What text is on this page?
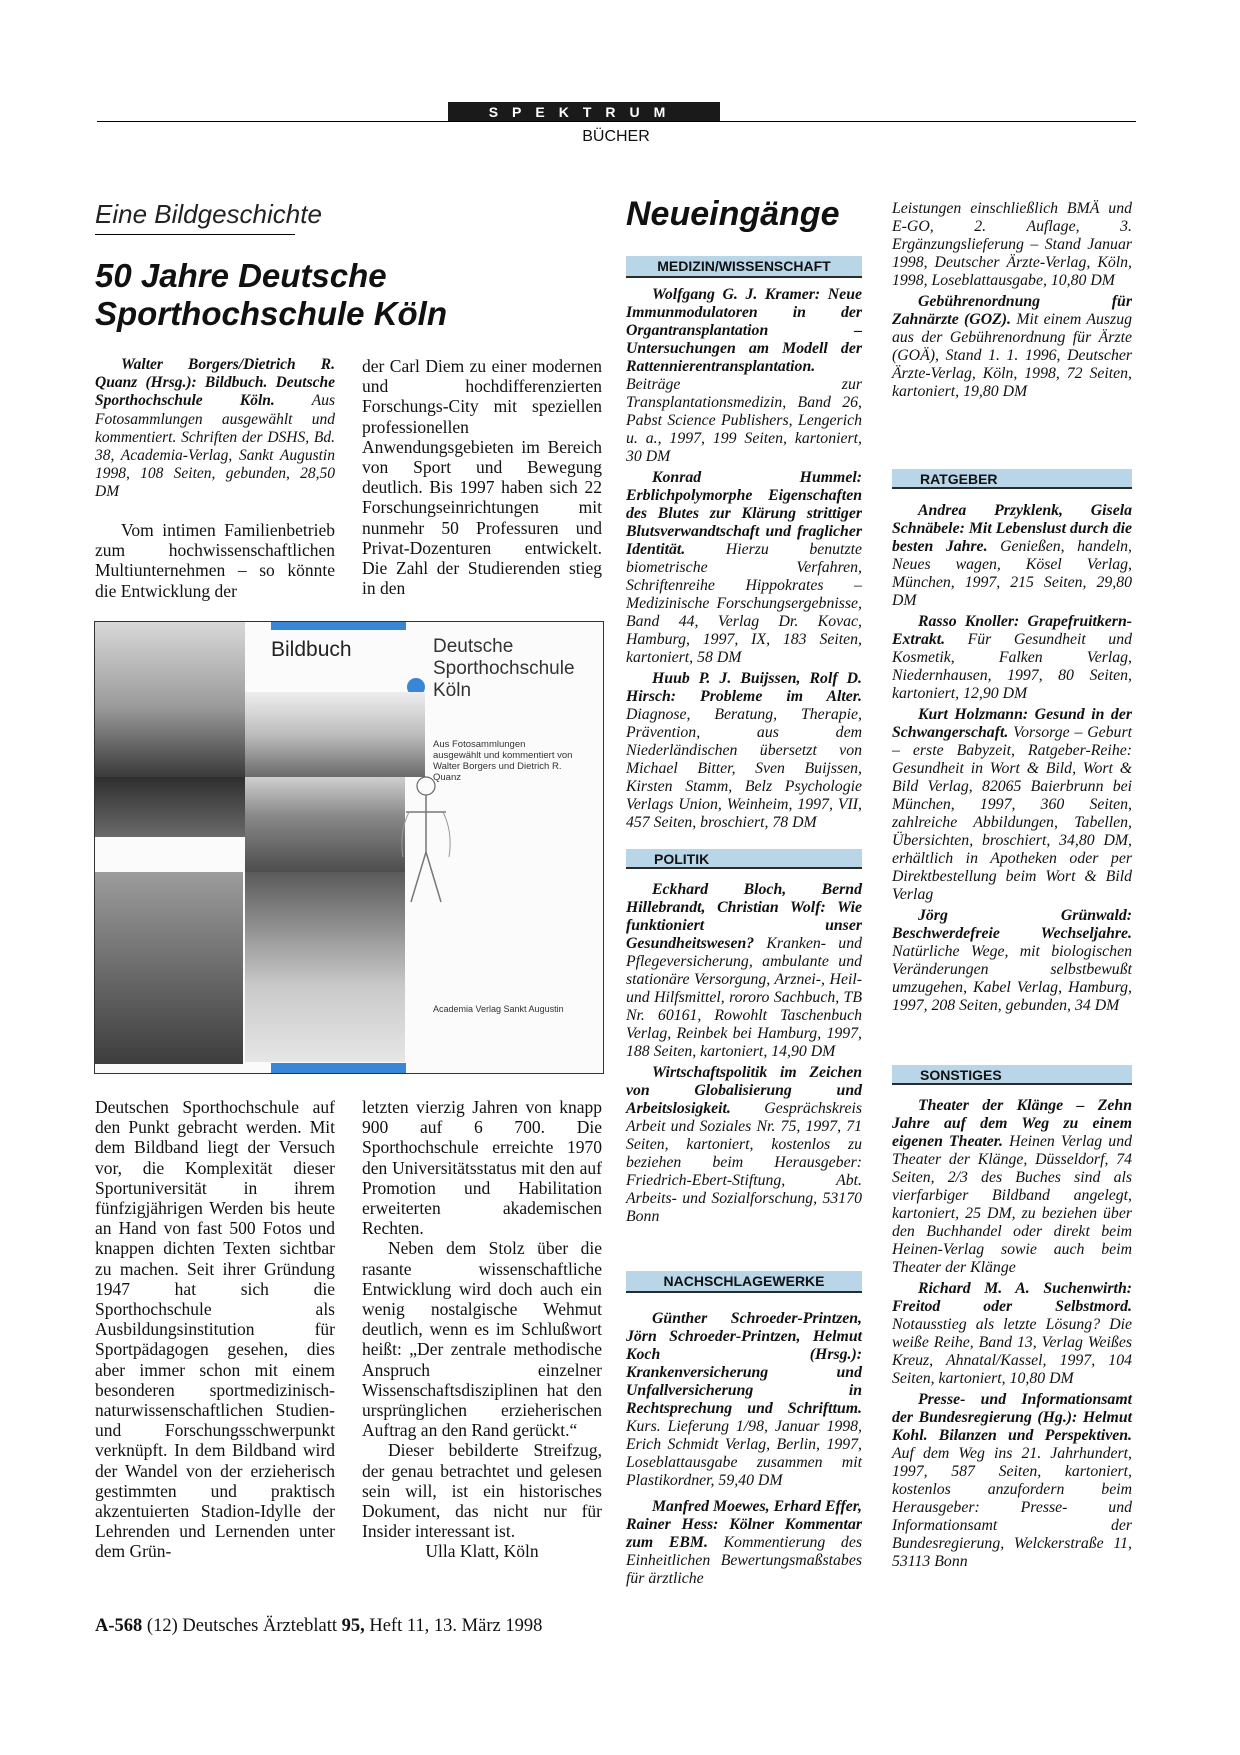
SPEKTRUM
BÜCHER
Eine Bildgeschichte
50 Jahre Deutsche
Sporthochschule Köln

Walter Borgers/Dietrich R. Quanz (Hrsg.): Bildbuch. Deutsche Sporthochschule Köln. Aus Fotosammlungen ausgewählt und kommentiert. Schriften der DSHS, Bd. 38, Academia-Verlag, Sankt Augustin 1998, 108 Seiten, gebunden, 28,50 DM

Vom intimen Familienbetrieb zum hochwissenschaftlichen Multiunternehmen – so könnte die Entwicklung der

der Carl Diem zu einer modernen und hochdifferenzierten Forschungs-City mit speziellen professionellen Anwendungsgebieten im Bereich von Sport und Bewegung deutlich. Bis 1997 haben sich 22 Forschungseinrichtungen mit nunmehr 50 Professuren und Privat-Dozenturen entwickelt. Die Zahl der Studierenden stieg in den

Bildbuch	Deutsche Sporthochschule Köln
Aus Fotosammlungen ausgewählt und kommentiert von Walter Borgers und Dietrich R. Quanz
Academia Verlag Sankt Augustin

Deutschen Sporthochschule auf den Punkt gebracht werden. Mit dem Bildband liegt der Versuch vor, die Komplexität dieser Sportuniversität in ihrem fünfzigjährigen Werden bis heute an Hand von fast 500 Fotos und knappen dichten Texten sichtbar zu machen. Seit ihrer Gründung 1947 hat sich die Sporthochschule als Ausbildungsinstitution für Sportpädagogen gesehen, dies aber immer schon mit einem besonderen sportmedizinisch-naturwissenschaftlichen Studien- und Forschungsschwerpunkt verknüpft. In dem Bildband wird der Wandel von der erzieherisch gestimmten und praktisch akzentuierten Stadion-Idylle der Lehrenden und Lernenden unter dem Grün-

letzten vierzig Jahren von knapp 900 auf 6 700. Die Sporthochschule erreichte 1970 den Universitätsstatus mit den auf Promotion und Habilitation erweiterten akademischen Rechten.

Neben dem Stolz über die rasante wissenschaftliche Entwicklung wird doch auch ein wenig nostalgische Wehmut deutlich, wenn es im Schlußwort heißt: „Der zentrale methodische Anspruch einzelner Wissenschaftsdisziplinen hat den ursprünglichen erzieherischen Auftrag an den Rand gerückt.“

Dieser bebilderte Streifzug, der genau betrachtet und gelesen sein will, ist ein historisches Dokument, das nicht nur für Insider interessant ist.

Ulla Klatt, Köln

Neueingänge
MEDIZIN/WISSENSCHAFT

Wolfgang G. J. Kramer: Neue Immunmodulatoren in der Organtransplantation – Untersuchungen am Modell der Rattennierentransplantation. Beiträge zur Transplantationsmedizin, Band 26, Pabst Science Publishers, Lengerich u. a., 1997, 199 Seiten, kartoniert, 30 DM

Konrad Hummel: Erblichpolymorphe Eigenschaften des Blutes zur Klärung strittiger Blutsverwandtschaft und fraglicher Identität. Hierzu benutzte biometrische Verfahren, Schriftenreihe Hippokrates – Medizinische Forschungsergebnisse, Band 44, Verlag Dr. Kovac, Hamburg, 1997, IX, 183 Seiten, kartoniert, 58 DM

Huub P. J. Buijssen, Rolf D. Hirsch: Probleme im Alter. Diagnose, Beratung, Therapie, Prävention, aus dem Niederländischen übersetzt von Michael Bitter, Sven Buijssen, Kirsten Stamm, Belz Psychologie Verlags Union, Weinheim, 1997, VII, 457 Seiten, broschiert, 78 DM

POLITIK

Eckhard Bloch, Bernd Hillebrandt, Christian Wolf: Wie funktioniert unser Gesundheitswesen? Kranken- und Pflegeversicherung, ambulante und stationäre Versorgung, Arznei-, Heil- und Hilfsmittel, rororo Sachbuch, TB Nr. 60161, Rowohlt Taschenbuch Verlag, Reinbek bei Hamburg, 1997, 188 Seiten, kartoniert, 14,90 DM

Wirtschaftspolitik im Zeichen von Globalisierung und Arbeitslosigkeit. Gesprächskreis Arbeit und Soziales Nr. 75, 1997, 71 Seiten, kartoniert, kostenlos zu beziehen beim Herausgeber: Friedrich-Ebert-Stiftung, Abt. Arbeits- und Sozialforschung, 53170 Bonn

NACHSCHLAGEWERKE

Günther Schroeder-Printzen, Jörn Schroeder-Printzen, Helmut Koch (Hrsg.): Krankenversicherung und Unfallversicherung in Rechtsprechung und Schrifttum. Kurs. Lieferung 1/98, Januar 1998, Erich Schmidt Verlag, Berlin, 1997, Loseblattausgabe zusammen mit Plastikordner, 59,40 DM

Manfred Moewes, Erhard Effer, Rainer Hess: Kölner Kommentar zum EBM. Kommentierung des Einheitlichen Bewertungsmaßstabes für ärztliche

Leistungen einschließlich BMÄ und E-GO, 2. Auflage, 3. Ergänzungslieferung – Stand Januar 1998, Deutscher Ärzte-Verlag, Köln, 1998, Loseblattausgabe, 10,80 DM

Gebührenordnung für Zahnärzte (GOZ). Mit einem Auszug aus der Gebührenordnung für Ärzte (GOÄ), Stand 1. 1. 1996, Deutscher Ärzte-Verlag, Köln, 1998, 72 Seiten, kartoniert, 19,80 DM

RATGEBER

Andrea Przyklenk, Gisela Schnäbele: Mit Lebenslust durch die besten Jahre. Genießen, handeln, Neues wagen, Kösel Verlag, München, 1997, 215 Seiten, 29,80 DM

Rasso Knoller: Grapefruitkern-Extrakt. Für Gesundheit und Kosmetik, Falken Verlag, Niedernhausen, 1997, 80 Seiten, kartoniert, 12,90 DM

Kurt Holzmann: Gesund in der Schwangerschaft. Vorsorge – Geburt – erste Babyzeit, Ratgeber-Reihe: Gesundheit in Wort & Bild, Wort & Bild Verlag, 82065 Baierbrunn bei München, 1997, 360 Seiten, zahlreiche Abbildungen, Tabellen, Übersichten, broschiert, 34,80 DM, erhältlich in Apotheken oder per Direktbestellung beim Wort & Bild Verlag

Jörg Grünwald: Beschwerdefreie Wechseljahre. Natürliche Wege, mit biologischen Veränderungen selbstbewußt umzugehen, Kabel Verlag, Hamburg, 1997, 208 Seiten, gebunden, 34 DM

SONSTIGES

Theater der Klänge – Zehn Jahre auf dem Weg zu einem eigenen Theater. Heinen Verlag und Theater der Klänge, Düsseldorf, 74 Seiten, 2/3 des Buches sind als vierfarbiger Bildband angelegt, kartoniert, 25 DM, zu beziehen über den Buchhandel oder direkt beim Heinen-Verlag sowie auch beim Theater der Klänge

Richard M. A. Suchenwirth: Freitod oder Selbstmord. Notausstieg als letzte Lösung? Die weiße Reihe, Band 13, Verlag Weißes Kreuz, Ahnatal/Kassel, 1997, 104 Seiten, kartoniert, 10,80 DM

Presse- und Informationsamt der Bundesregierung (Hg.): Helmut Kohl. Bilanzen und Perspektiven. Auf dem Weg ins 21. Jahrhundert, 1997, 587 Seiten, kartoniert, kostenlos anzufordern beim Herausgeber: Presse- und Informationsamt der Bundesregierung, Welckerstraße 11, 53113 Bonn

A-568 (12) Deutsches Ärzteblatt 95, Heft 11, 13. März 1998
